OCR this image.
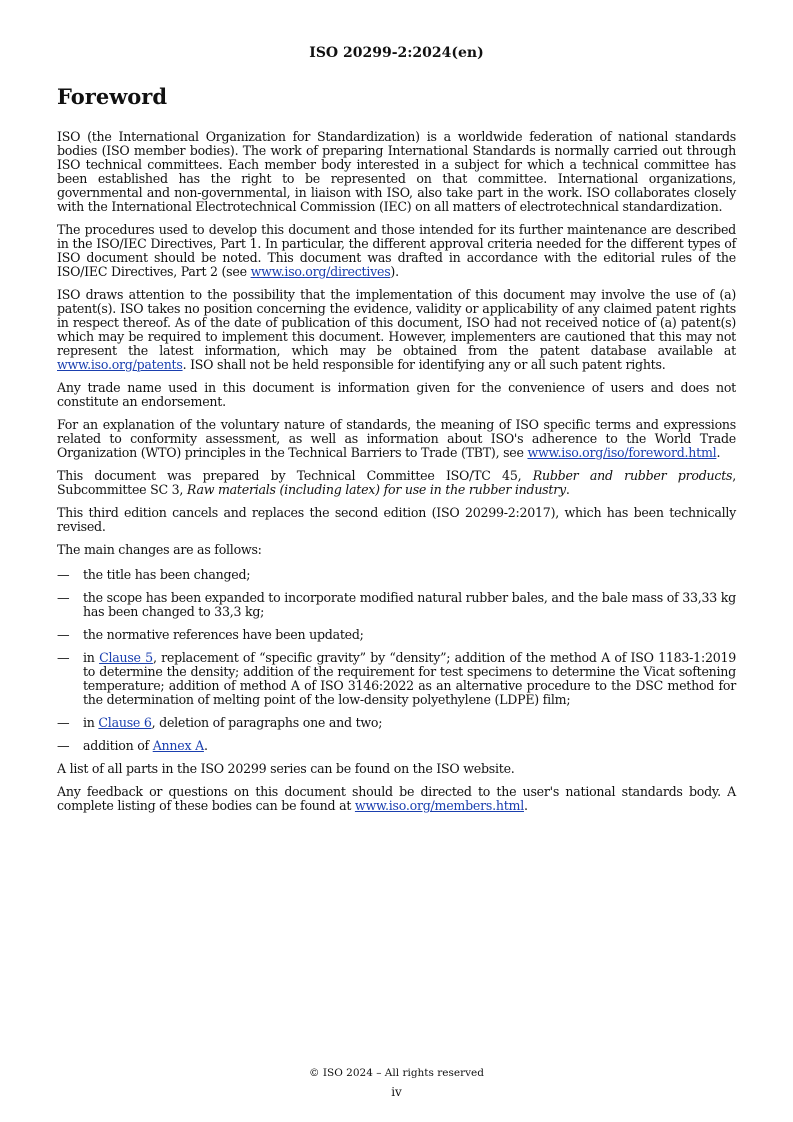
ISO 20299-2:2024(en)
Foreword

ISO (the International Organization for Standardization) is a worldwide federation of national standards bodies (ISO member bodies). The work of preparing International Standards is normally carried out through ISO technical committees. Each member body interested in a subject for which a technical committee has been established has the right to be represented on that committee. International organizations, governmental and non-governmental, in liaison with ISO, also take part in the work. ISO collaborates closely with the International Electrotechnical Commission (IEC) on all matters of electrotechnical standardization.

The procedures used to develop this document and those intended for its further maintenance are described in the ISO/IEC Directives, Part 1. In particular, the different approval criteria needed for the different types of ISO document should be noted. This document was drafted in accordance with the editorial rules of the ISO/IEC Directives, Part 2 (see www.iso.org/directives).

ISO draws attention to the possibility that the implementation of this document may involve the use of (a) patent(s). ISO takes no position concerning the evidence, validity or applicability of any claimed patent rights in respect thereof. As of the date of publication of this document, ISO had not received notice of (a) patent(s) which may be required to implement this document. However, implementers are cautioned that this may not represent the latest information, which may be obtained from the patent database available at www.iso.org/patents. ISO shall not be held responsible for identifying any or all such patent rights.

Any trade name used in this document is information given for the convenience of users and does not constitute an endorsement.

For an explanation of the voluntary nature of standards, the meaning of ISO specific terms and expressions related to conformity assessment, as well as information about ISO's adherence to the World Trade Organization (WTO) principles in the Technical Barriers to Trade (TBT), see www.iso.org/iso/foreword.html.

This document was prepared by Technical Committee ISO/TC 45, Rubber and rubber products, Subcommittee SC 3, Raw materials (including latex) for use in the rubber industry.

This third edition cancels and replaces the second edition (ISO 20299-2:2017), which has been technically revised.

The main changes are as follows:

— the title has been changed;
— the scope has been expanded to incorporate modified natural rubber bales, and the bale mass of 33,33 kg has been changed to 33,3 kg;
— the normative references have been updated;
— in Clause 5, replacement of “specific gravity” by “density”; addition of the method A of ISO 1183-1:2019 to determine the density; addition of the requirement for test specimens to determine the Vicat softening temperature; addition of method A of ISO 3146:2022 as an alternative procedure to the DSC method for the determination of melting point of the low-density polyethylene (LDPE) film;
— in Clause 6, deletion of paragraphs one and two;
— addition of Annex A.

A list of all parts in the ISO 20299 series can be found on the ISO website.

Any feedback or questions on this document should be directed to the user's national standards body. A complete listing of these bodies can be found at www.iso.org/members.html.

© ISO 2024 – All rights reserved
iv
